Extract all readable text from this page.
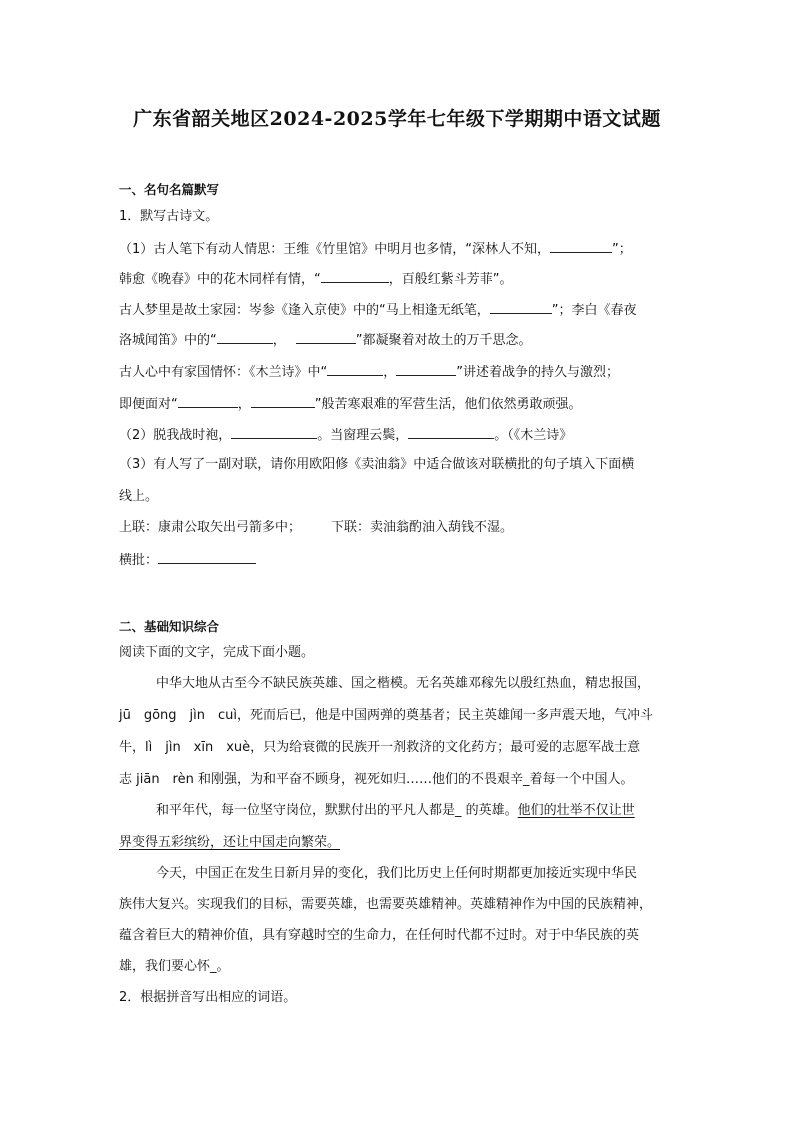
广东省韶关地区2024-2025学年七年级下学期期中语文试题
一、名句名篇默写
1．默写古诗文。
（1）古人笔下有动人情思：王维《竹里馆》中明月也多情，“深林人不知，	”；
韩愈《晚春》中的花木同样有情，“	，百般红紫斗芳菲”。
古人梦里是故土家园：岑参《逢入京使》中的“马上相逢无纸笔，	”；李白《春夜
洛城闻笛》中的“	，	”都凝聚着对故土的万千思念。
古人心中有家国情怀：《木兰诗》中“	，	”讲述着战争的持久与激烈；
即便面对“	，	”般苦寒艰难的军营生活，他们依然勇敢顽强。
（2）脱我战时袍，	。当窗理云鬓，	。（《木兰诗》
（3）有人写了一副对联，请你用欧阳修《卖油翁》中适合做该对联横批的句子填入下面横
线上。
上联：康肃公取矢出弓箭多中； 下联：卖油翁酌油入葫钱不湿。
横批：
二、基础知识综合
阅读下面的文字，完成下面小题。
中华大地从古至今不缺民族英雄、国之楷模。无名英雄邓稼先以殷红热血，精忠报国，
jū　gōng　jìn　cuì，死而后已，他是中国两弹的奠基者；民主英雄闻一多声震天地，气冲斗
牛，lì　jìn　xīn　xuè，只为给衰微的民族开一剂救济的文化药方；最可爱的志愿军战士意
志 jiān　rèn 和刚强，为和平奋不顾身，视死如归……他们的不畏艰辛_着每一个中国人。
和平年代，每一位坚守岗位，默默付出的平凡人都是_ 的英雄。他们的壮举不仅让世
界变得五彩缤纷，还让中国走向繁荣。
今天，中国正在发生日新月异的变化，我们比历史上任何时期都更加接近实现中华民
族伟大复兴。实现我们的目标，需要英雄，也需要英雄精神。英雄精神作为中国的民族精神，
蕴含着巨大的精神价值，具有穿越时空的生命力，在任何时代都不过时。对于中华民族的英
雄，我们要心怀_。
2．根据拼音写出相应的词语。
